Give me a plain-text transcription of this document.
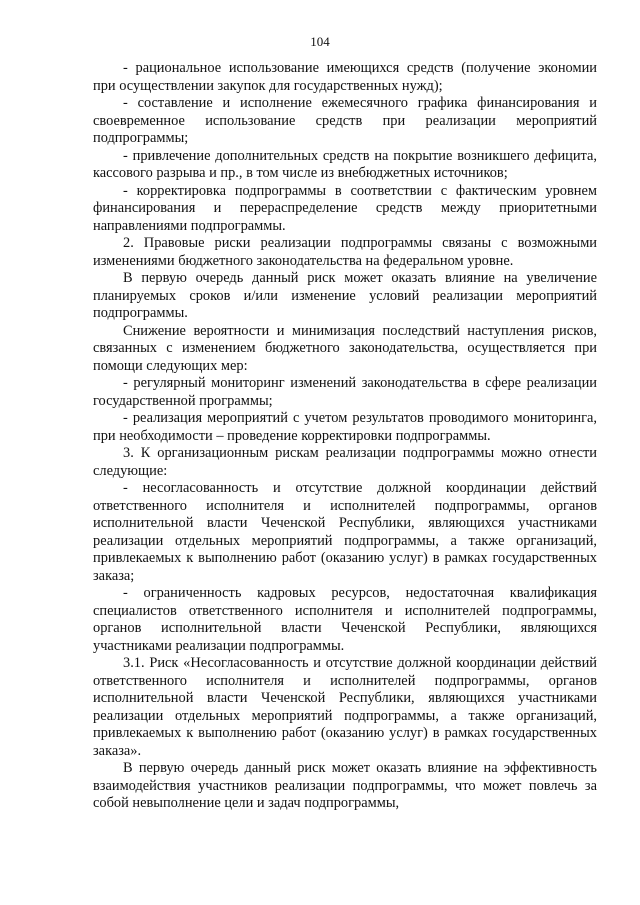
104

- рациональное использование имеющихся средств (получение экономии при осуществлении закупок для государственных нужд);

- составление и исполнение ежемесячного графика финансирования и своевременное использование средств при реализации мероприятий подпрограммы;

- привлечение дополнительных средств на покрытие возникшего дефицита, кассового разрыва и пр., в том числе из внебюджетных источников;

- корректировка подпрограммы в соответствии с фактическим уровнем финансирования и перераспределение средств между приоритетными направлениями подпрограммы.

2. Правовые риски реализации подпрограммы связаны с возможными изменениями бюджетного законодательства на федеральном уровне.

В первую очередь данный риск может оказать влияние на увеличение планируемых сроков и/или изменение условий реализации мероприятий подпрограммы.

Снижение вероятности и минимизация последствий наступления рисков, связанных с изменением бюджетного законодательства, осуществляется при помощи следующих мер:

- регулярный мониторинг изменений законодательства в сфере реализации государственной программы;

- реализация мероприятий с учетом результатов проводимого мониторинга, при необходимости – проведение корректировки подпрограммы.

3. К организационным рискам реализации подпрограммы можно отнести следующие:

- несогласованность и отсутствие должной координации действий ответственного исполнителя и исполнителей подпрограммы, органов исполнительной власти Чеченской Республики, являющихся участниками реализации отдельных мероприятий подпрограммы, а также организаций, привлекаемых к выполнению работ (оказанию услуг) в рамках государственных заказа;

- ограниченность кадровых ресурсов, недостаточная квалификация специалистов ответственного исполнителя и исполнителей подпрограммы, органов исполнительной власти Чеченской Республики, являющихся участниками реализации подпрограммы.

3.1. Риск «Несогласованность и отсутствие должной координации действий ответственного исполнителя и исполнителей подпрограммы, органов исполнительной власти Чеченской Республики, являющихся участниками реализации отдельных мероприятий подпрограммы, а также организаций, привлекаемых к выполнению работ (оказанию услуг) в рамках государственных заказа».

В первую очередь данный риск может оказать влияние на эффективность взаимодействия участников реализации подпрограммы, что может повлечь за собой невыполнение цели и задач подпрограммы,
